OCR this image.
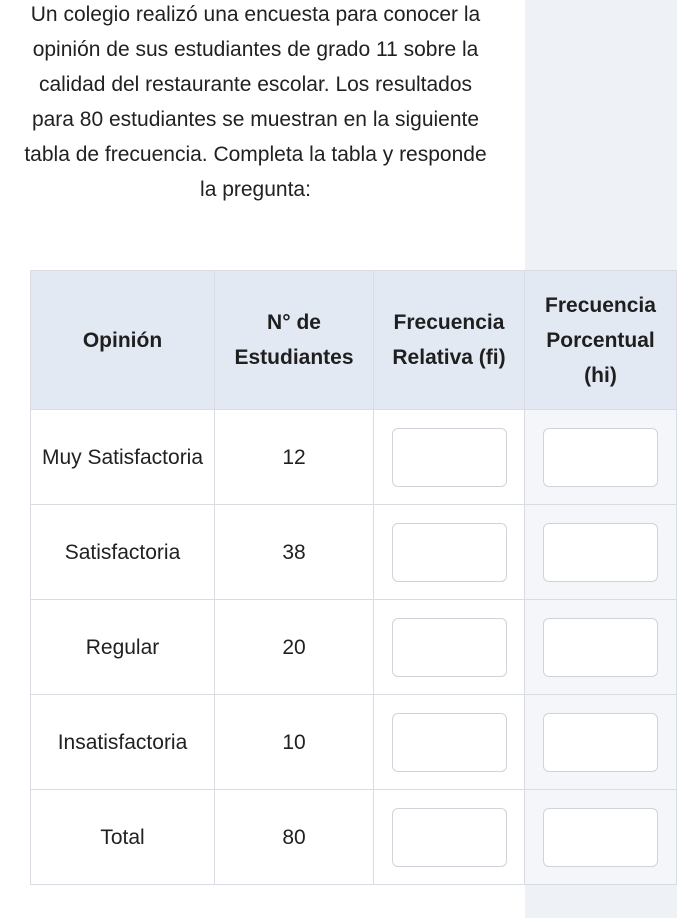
Un colegio realizó una encuesta para conocer la opinión de sus estudiantes de grado 11 sobre la calidad del restaurante escolar. Los resultados para 80 estudiantes se muestran en la siguiente tabla de frecuencia. Completa la tabla y responde la pregunta:

Opinión	N° de Estudiantes	Frecuencia Relativa (fi)	Frecuencia Porcentual (hi)
Muy Satisfactoria	12	

Satisfactoria	38	

Regular	20	

Insatisfactoria	10	

Total	80	
